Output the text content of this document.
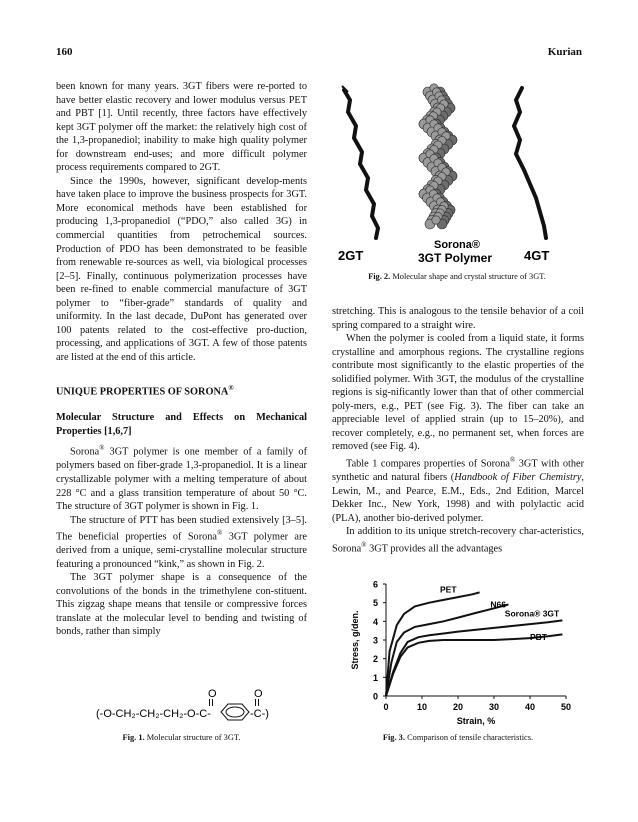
160	Kurian

been known for many years. 3GT fibers were re-ported to have better elastic recovery and lower modulus versus PET and PBT [1]. Until recently, three factors have effectively kept 3GT polymer off the market: the relatively high cost of the 1,3-propanediol; inability to make high quality polymer for downstream end-uses; and more difficult polymer process requirements compared to 2GT.

Since the 1990s, however, significant develop-ments have taken place to improve the business prospects for 3GT. More economical methods have been established for producing 1,3-propanediol (“PDO,” also called 3G) in commercial quantities from petrochemical sources. Production of PDO has been demonstrated to be feasible from renewable re-sources as well, via biological processes [2–5]. Finally, continuous polymerization processes have been re-fined to enable commercial manufacture of 3GT polymer to “fiber-grade” standards of quality and uniformity. In the last decade, DuPont has generated over 100 patents related to the cost-effective pro-duction, processing, and applications of 3GT. A few of those patents are listed at the end of this article.

UNIQUE PROPERTIES OF SORONA®

Molecular Structure and Effects on Mechanical Properties [1,6,7]

Sorona® 3GT polymer is one member of a family of polymers based on fiber-grade 1,3-propanediol. It is a linear crystallizable polymer with a melting temperature of about 228 °C and a glass transition temperature of about 50 °C. The structure of 3GT polymer is shown in Fig. 1.

The structure of PTT has been studied extensively [3–5]. The beneficial properties of Sorona® 3GT polymer are derived from a unique, semi-crystalline molecular structure featuring a pronounced “kink,” as shown in Fig. 2.

The 3GT polymer shape is a consequence of the convolutions of the bonds in the trimethylene con-stituent. This zigzag shape means that tensile or compressive forces translate at the molecular level to bending and twisting of bonds, rather than simply

O	O
(-O-CH₂-CH₂-CH₂-O-C-	-C-)
Fig. 1. Molecular structure of 3GT.
2GT
Sorona®
3GT Polymer 4GT
Fig. 2. Molecular shape and crystal structure of 3GT.

stretching. This is analogous to the tensile behavior of a coil spring compared to a straight wire.

When the polymer is cooled from a liquid state, it forms crystalline and amorphous regions. The crystalline regions contribute most significantly to the elastic properties of the solidified polymer. With 3GT, the modulus of the crystalline regions is sig-nificantly lower than that of other commercial poly-mers, e.g., PET (see Fig. 3). The fiber can take an appreciable level of applied strain (up to 15–20%), and recover completely, e.g., no permanent set, when forces are removed (see Fig. 4).

Table 1 compares properties of Sorona® 3GT with other synthetic and natural fibers (Handbook of Fiber Chemistry, Lewin, M., and Pearce, E.M., Eds., 2nd Edition, Marcel Dekker Inc., New York, 1998) and with polylactic acid (PLA), another bio-derived polymer.

In addition to its unique stretch-recovery char-acteristics, Sorona® 3GT provides all the advantages

0
1
2
3
4
5
6
0	10	20	30	40	50
Strain, %
Stress, g/den.
PET
N66
Sorona® 3GT
PBT
Fig. 3. Comparison of tensile characteristics.
